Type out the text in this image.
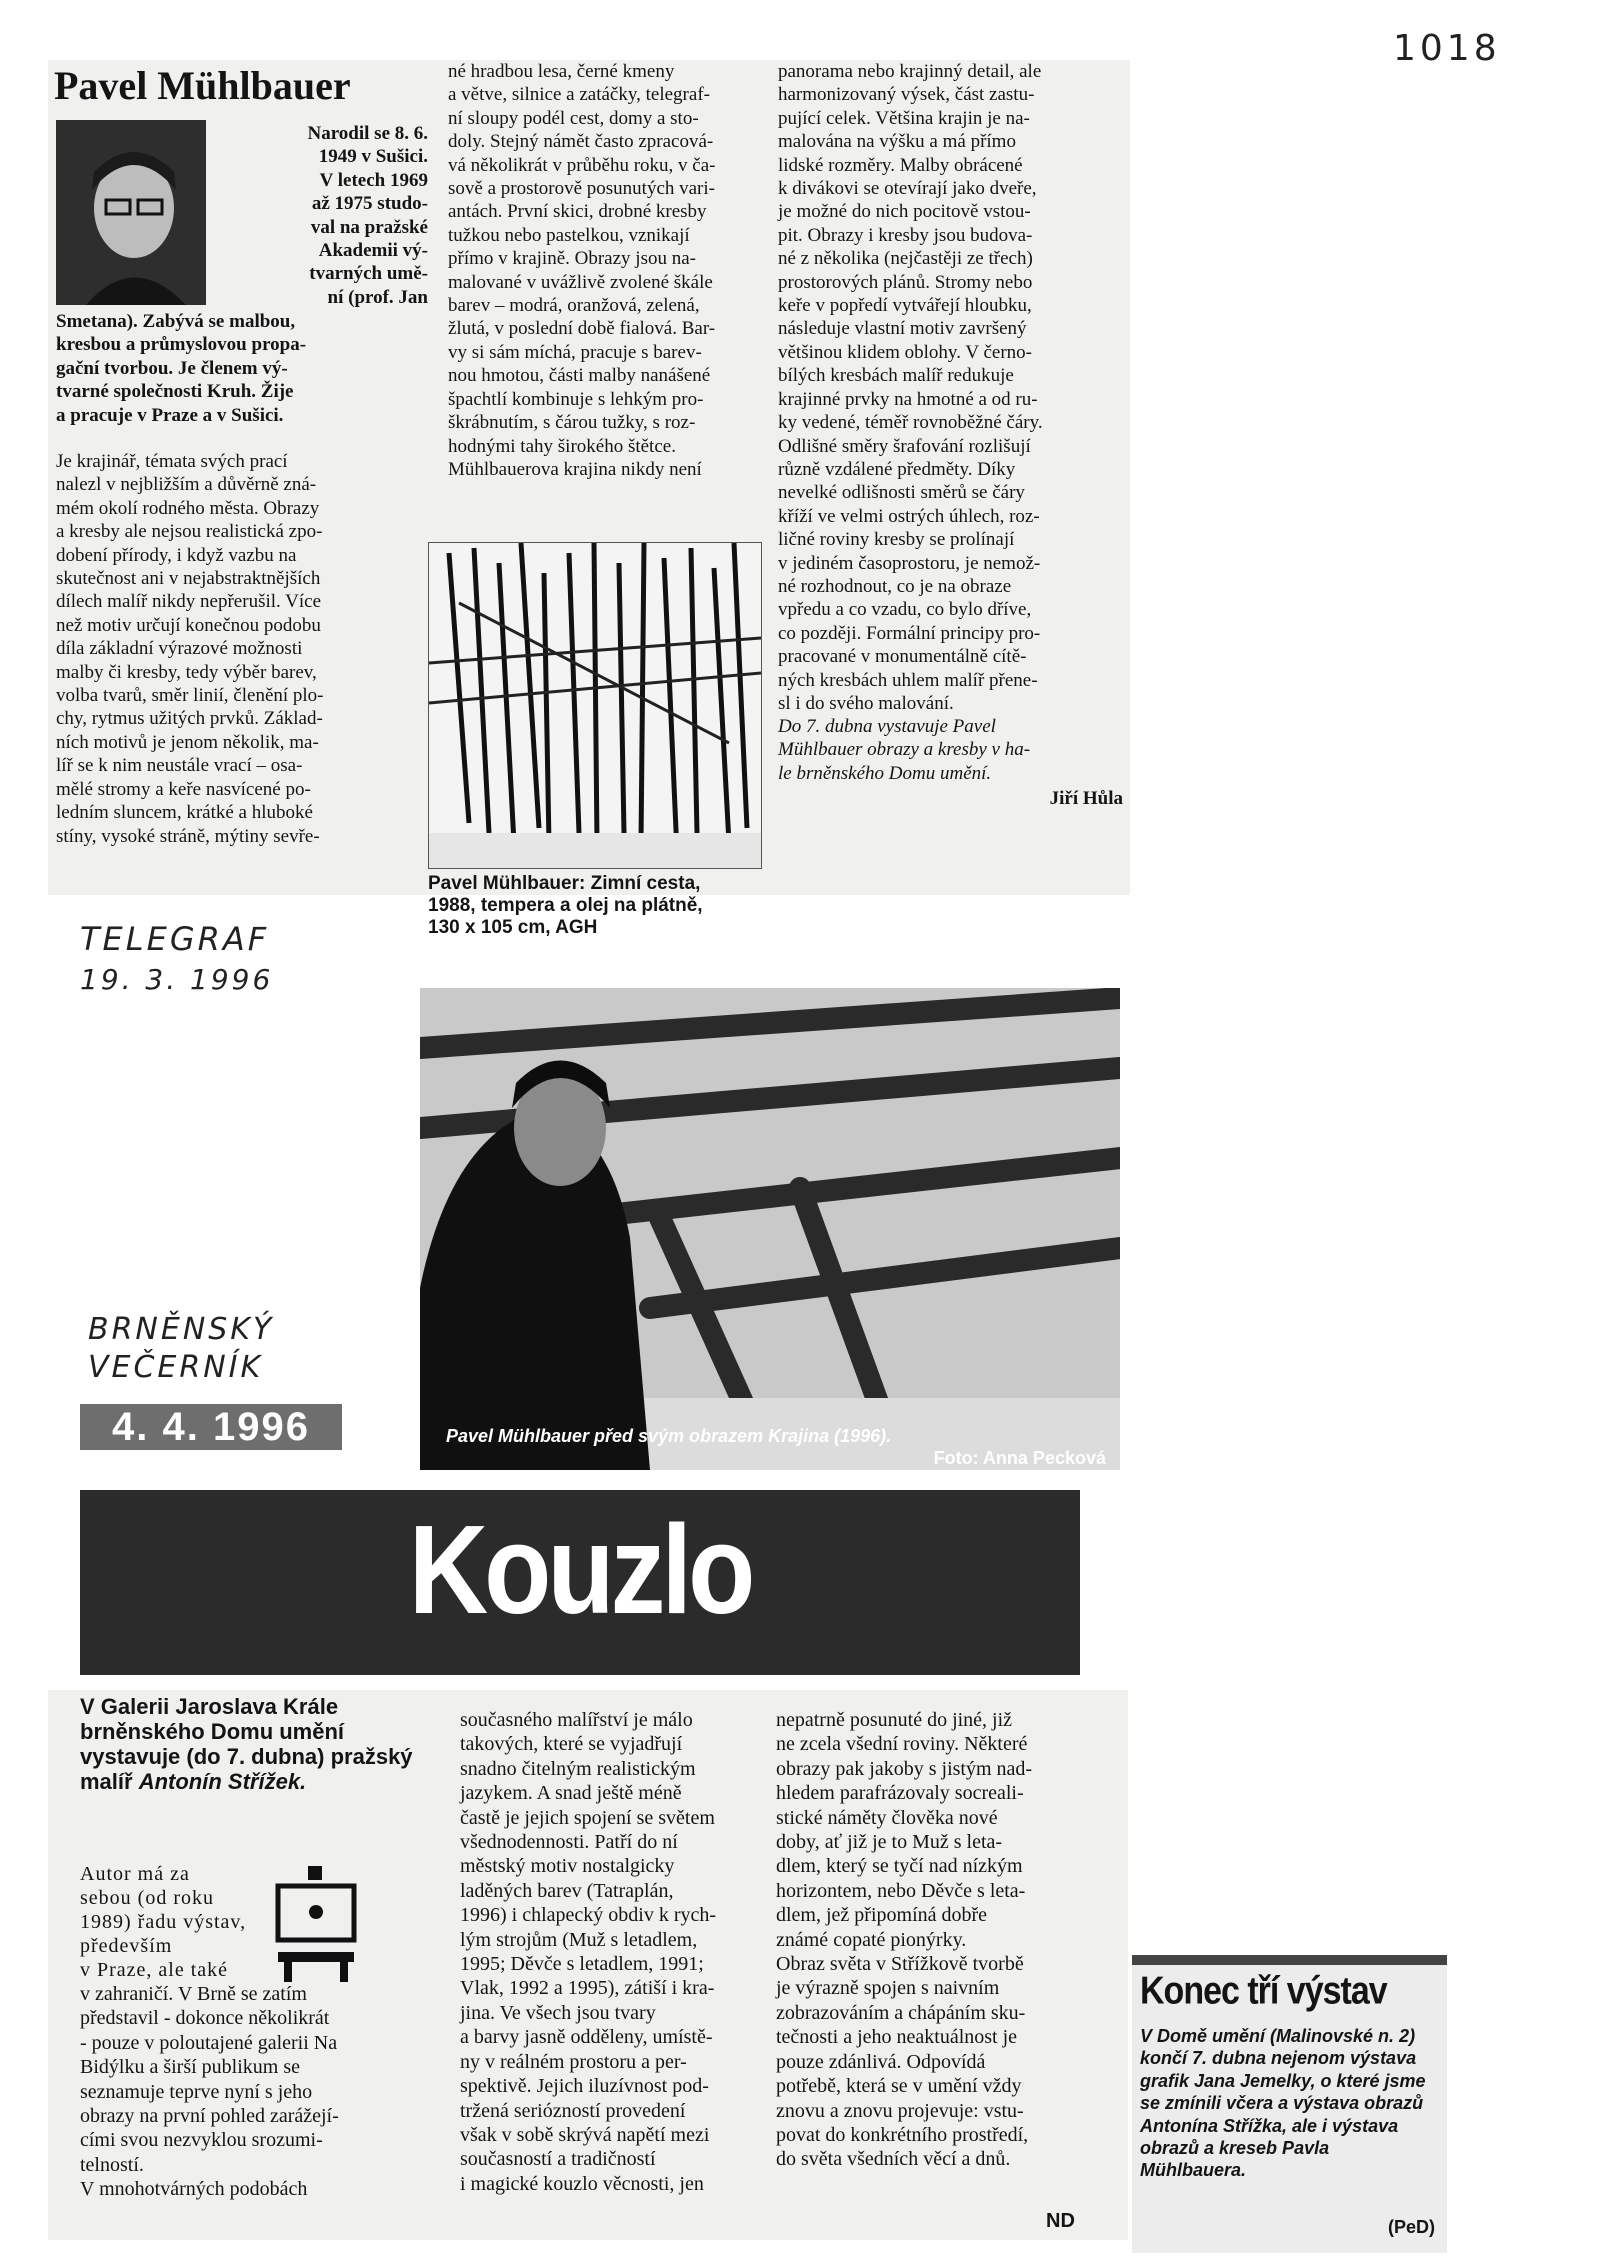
1018
Pavel Mühlbauer

Narodil se 8. 6.
1949 v Sušici.
V letech 1969
až 1975 studo-
val na pražské
Akademii vý-
tvarných umě-
ní (prof. Jan

Smetana). Zabývá se malbou,
kresbou a průmyslovou propa-
gační tvorbou. Je členem vý-
tvarné společnosti Kruh. Žije
a pracuje v Praze a v Sušici.

Je krajinář, témata svých prací
nalezl v nejbližším a důvěrně zná-
mém okolí rodného města. Obrazy
a kresby ale nejsou realistická zpo-
dobení přírody, i když vazbu na
skutečnost ani v nejabstraktnějších
dílech malíř nikdy nepřerušil. Více
než motiv určují konečnou podobu
díla základní výrazové možnosti
malby či kresby, tedy výběr barev,
volba tvarů, směr linií, členění plo-
chy, rytmus užitých prvků. Základ-
ních motivů je jenom několik, ma-
líř se k nim neustále vrací – osa-
mělé stromy a keře nasvícené po-
ledním sluncem, krátké a hluboké
stíny, vysoké stráně, mýtiny sevře-

né hradbou lesa, černé kmeny
a větve, silnice a zatáčky, telegraf-
ní sloupy podél cest, domy a sto-
doly. Stejný námět často zpracová-
vá několikrát v průběhu roku, v ča-
sově a prostorově posunutých vari-
antách. První skici, drobné kresby
tužkou nebo pastelkou, vznikají
přímo v krajině. Obrazy jsou na-
malované v uvážlivě zvolené škále
barev – modrá, oranžová, zelená,
žlutá, v poslední době fialová. Bar-
vy si sám míchá, pracuje s barev-
nou hmotou, části malby nanášené
špachtlí kombinuje s lehkým pro-
škrábnutím, s čárou tužky, s roz-
hodnými tahy širokého štětce.
Mühlbauerova krajina nikdy není

Pavel Mühlbauer: Zimní cesta,
1988, tempera a olej na plátně,
130 x 105 cm, AGH

panorama nebo krajinný detail, ale
harmonizovaný výsek, část zastu-
pující celek. Většina krajin je na-
malována na výšku a má přímo
lidské rozměry. Malby obrácené
k divákovi se otevírají jako dveře,
je možné do nich pocitově vstou-
pit. Obrazy i kresby jsou budova-
né z několika (nejčastěji ze třech)
prostorových plánů. Stromy nebo
keře v popředí vytvářejí hloubku,
následuje vlastní motiv završený
většinou klidem oblohy. V černo-
bílých kresbách malíř redukuje
krajinné prvky na hmotné a od ru-
ky vedené, téměř rovnoběžné čáry.
Odlišné směry šrafování rozlišují
různě vzdálené předměty. Díky
nevelké odlišnosti směrů se čáry
kříží ve velmi ostrých úhlech, roz-
ličné roviny kresby se prolínají
v jediném časoprostoru, je nemož-
né rozhodnout, co je na obraze
vpředu a co vzadu, co bylo dříve,
co později. Formální principy pro-
pracované v monumentálně cítě-
ných kresbách uhlem malíř přene-
sl i do svého malování.

Do 7. dubna vystavuje Pavel
Mühlbauer obrazy a kresby v ha-
le brněnského Domu umění.

Jiří Hůla
TELEGRAF
19. 3. 1996
Pavel Mühlbauer před svým obrazem Krajina (1996).
Foto: Anna Pecková
BRNĚNSKÝ
VEČERNÍK
4. 4. 1996
Kouzlo

V Galerii Jaroslava Krále brněnského Domu umění vystavuje (do 7. dubna) pražský malíř Antonín Střížek.

Autor má za
sebou (od roku
1989) řadu výstav,
především
v Praze, ale také

v zahraničí. V Brně se zatím
představil - dokonce několikrát
- pouze v poloutajené galerii Na
Bidýlku a širší publikum se
seznamuje teprve nyní s jeho
obrazy na první pohled zarážejí-
cími svou nezvyklou srozumi-
telností.
V mnohotvárných podobách

současného malířství je málo
takových, které se vyjadřují
snadno čitelným realistickým
jazykem. A snad ještě méně
častě je jejich spojení se světem
všednodennosti. Patří do ní
městský motiv nostalgicky
laděných barev (Tatraplán,
1996) i chlapecký obdiv k rych-
lým strojům (Muž s letadlem,
1995; Děvče s letadlem, 1991;
Vlak, 1992 a 1995), zátiší i kra-
jina. Ve všech jsou tvary
a barvy jasně odděleny, umístě-
ny v reálném prostoru a per-
spektivě. Jejich iluzívnost pod-
tržená seriózností provedení
však v sobě skrývá napětí mezi
současností a tradičností
i magické kouzlo věcnosti, jen

nepatrně posunuté do jiné, již
ne zcela všední roviny. Některé
obrazy pak jakoby s jistým nad-
hledem parafrázovaly socreali-
stické náměty člověka nové
doby, ať již je to Muž s leta-
dlem, který se tyčí nad nízkým
horizontem, nebo Děvče s leta-
dlem, jež připomíná dobře
známé copaté pionýrky.
Obraz světa v Střížkově tvorbě
je výrazně spojen s naivním
zobrazováním a chápáním sku-
tečnosti a jeho neaktuálnost je
pouze zdánlivá. Odpovídá
potřebě, která se v umění vždy
znovu a znovu projevuje: vstu-
povat do konkrétního prostředí,
do světa všedních věcí a dnů.

ND
Konec tří výstav

V Domě umění (Malinovské n. 2) končí 7. dubna nejenom výstava grafik Jana Jemelky, o které jsme se zmínili včera a výstava obrazů Antonína Střížka, ale i výstava obrazů a kreseb Pavla Mühlbauera.

(PeD)
